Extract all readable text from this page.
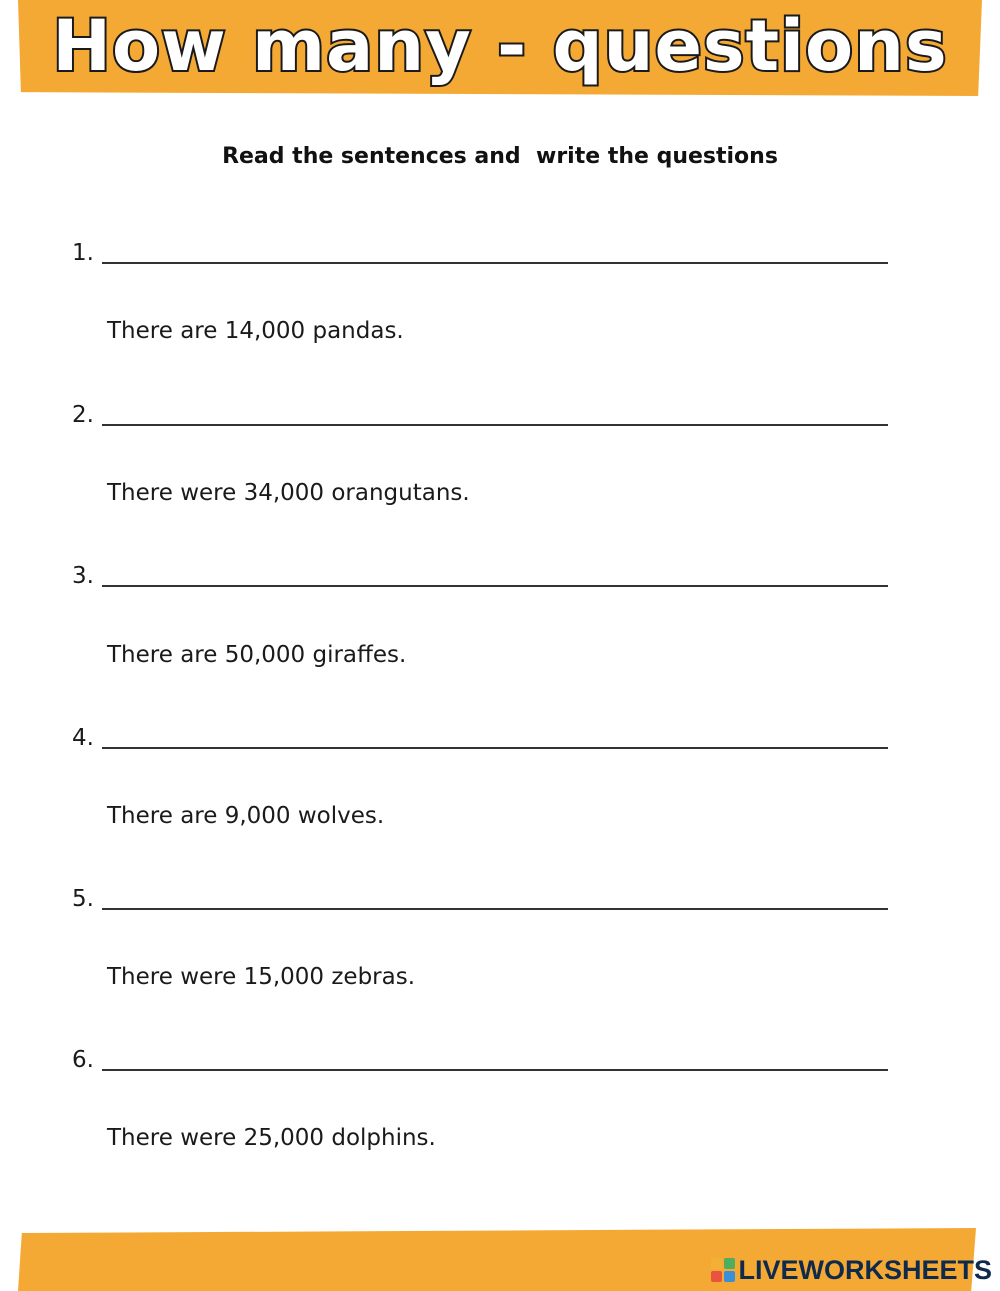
How many - questions
Read the sentences and  write the questions
1.
There are 14,000 pandas.
2.
There were 34,000 orangutans.
3.
There are 50,000 giraffes.
4.
There are 9,000 wolves.
5.
There were 15,000 zebras.
6.
There were 25,000 dolphins.
LIVEWORKSHEETS
